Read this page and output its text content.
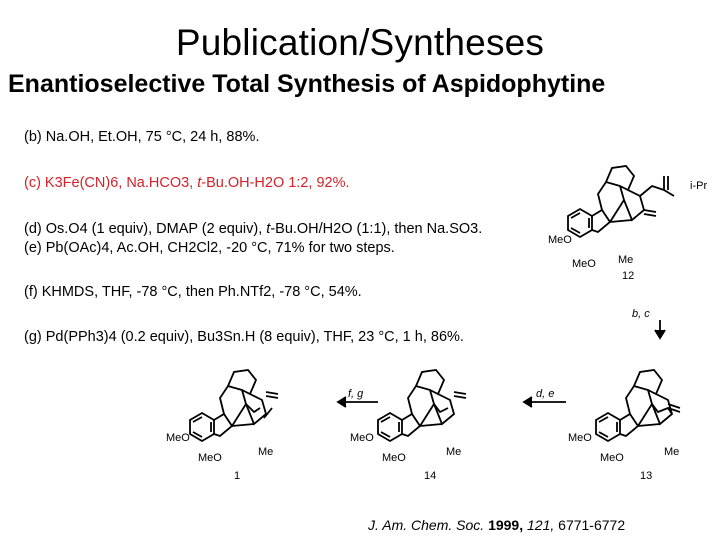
Publication/Syntheses
Enantioselective Total Synthesis of Aspidophytine
(b) Na.OH, Et.OH, 75 °C, 24 h, 88%.
(c) K3Fe(CN)6, Na.HCO3, t-Bu.OH-H2O 1:2, 92%.
(d) Os.O4 (1 equiv), DMAP (2 equiv), t-Bu.OH/H2O (1:1), then Na.SO3.
(e) Pb(OAc)4, Ac.OH, CH2Cl2, -20 °C, 71% for two steps.
(f) KHMDS, THF, -78 °C, then Ph.NTf2, -78 °C, 54%.
(g) Pd(PPh3)4 (0.2 equiv), Bu3Sn.H (8 equiv), THF, 23 °C, 1 h, 86%.
MeO
MeO Me
12
i-Pr
b, c
d, e
f, g
MeO
MeO	Me
1
MeO
MeO	Me
14
MeO
MeO	Me
13
J. Am. Chem. Soc. 1999, 121, 6771-6772
